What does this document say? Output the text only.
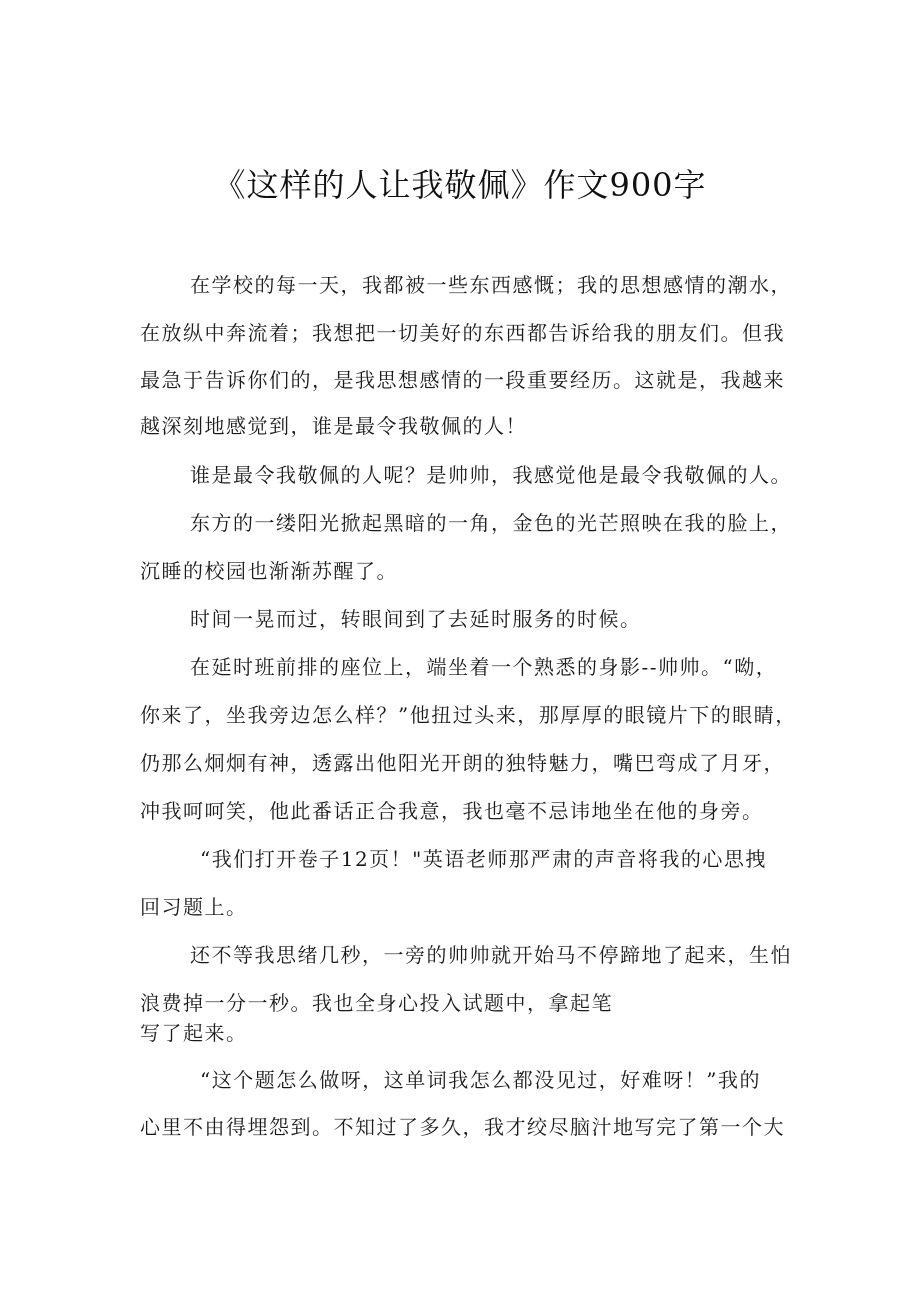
《这样的人让我敬佩》作文900字
在学校的每一天，我都被一些东西感慨；我的思想感情的潮水，
在放纵中奔流着；我想把一切美好的东西都告诉给我的朋友们。但我
最急于告诉你们的，是我思想感情的一段重要经历。这就是，我越来
越深刻地感觉到，谁是最令我敬佩的人！
谁是最令我敬佩的人呢？是帅帅，我感觉他是最令我敬佩的人。
东方的一缕阳光掀起黑暗的一角，金色的光芒照映在我的脸上，
沉睡的校园也渐渐苏醒了。
时间一晃而过，转眼间到了去延时服务的时候。
在延时班前排的座位上，端坐着一个熟悉的身影--帅帅。“呦，
你来了，坐我旁边怎么样？”他扭过头来，那厚厚的眼镜片下的眼睛，
仍那么炯炯有神，透露出他阳光开朗的独特魅力，嘴巴弯成了月牙，
冲我呵呵笑，他此番话正合我意，我也毫不忌讳地坐在他的身旁。
“我们打开卷子12页！"英语老师那严肃的声音将我的心思拽
回习题上。
还不等我思绪几秒，一旁的帅帅就开始马不停蹄地了起来，生怕
浪费掉一分一秒。我也全身心投入试题中，拿起笔
写了起来。
“这个题怎么做呀，这单词我怎么都没见过，好难呀！”我的
心里不由得埋怨到。不知过了多久，我才绞尽脑汁地写完了第一个大
